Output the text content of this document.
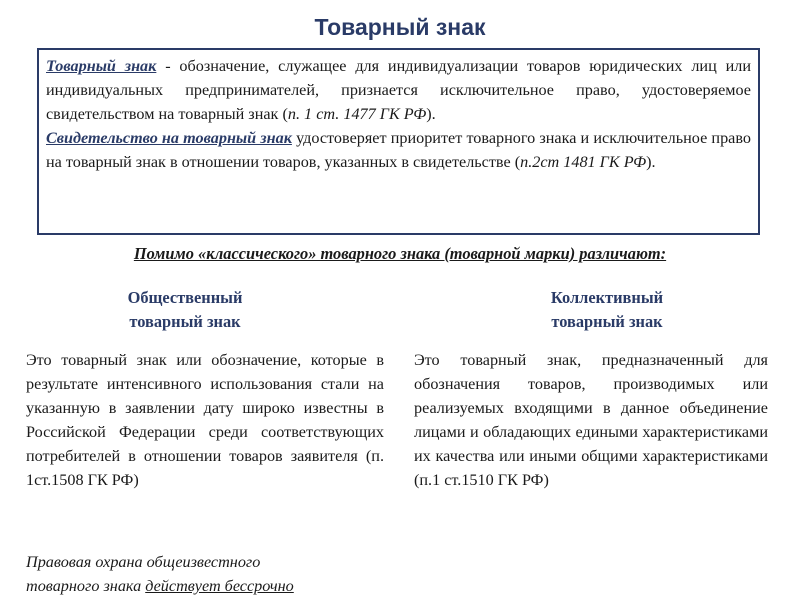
Товарный знак

Товарный знак - обозначение, служащее для индивидуализации товаров юридических лиц или индивидуальных предпринимателей, признается исключительное право, удостоверяемое свидетельством на товарный знак (п. 1 ст. 1477 ГК РФ).

Свидетельство на товарный знак удостоверяет приоритет товарного знака и исключительное право на товарный знак в отношении товаров, указанных в свидетельстве (п.2ст 1481 ГК РФ).

Помимо «классического» товарного знака (товарной марки) различают:

Общественный
товарный знак
Коллективный
товарный знак

Это товарный знак или обозначение, которые в результате интенсивного использования стали на указанную в заявлении дату широко известны в Российской Федерации среди соответствующих потребителей в отношении товаров заявителя (п. 1ст.1508 ГК РФ)

Это товарный знак, предназначенный для обозначения товаров, производимых или реализуемых входящими в данное объединение лицами и обладающих едиными характеристиками их качества или иными общими характеристиками (п.1 ст.1510 ГК РФ)

Правовая охрана общеизвестного
товарного знака действует бессрочно
